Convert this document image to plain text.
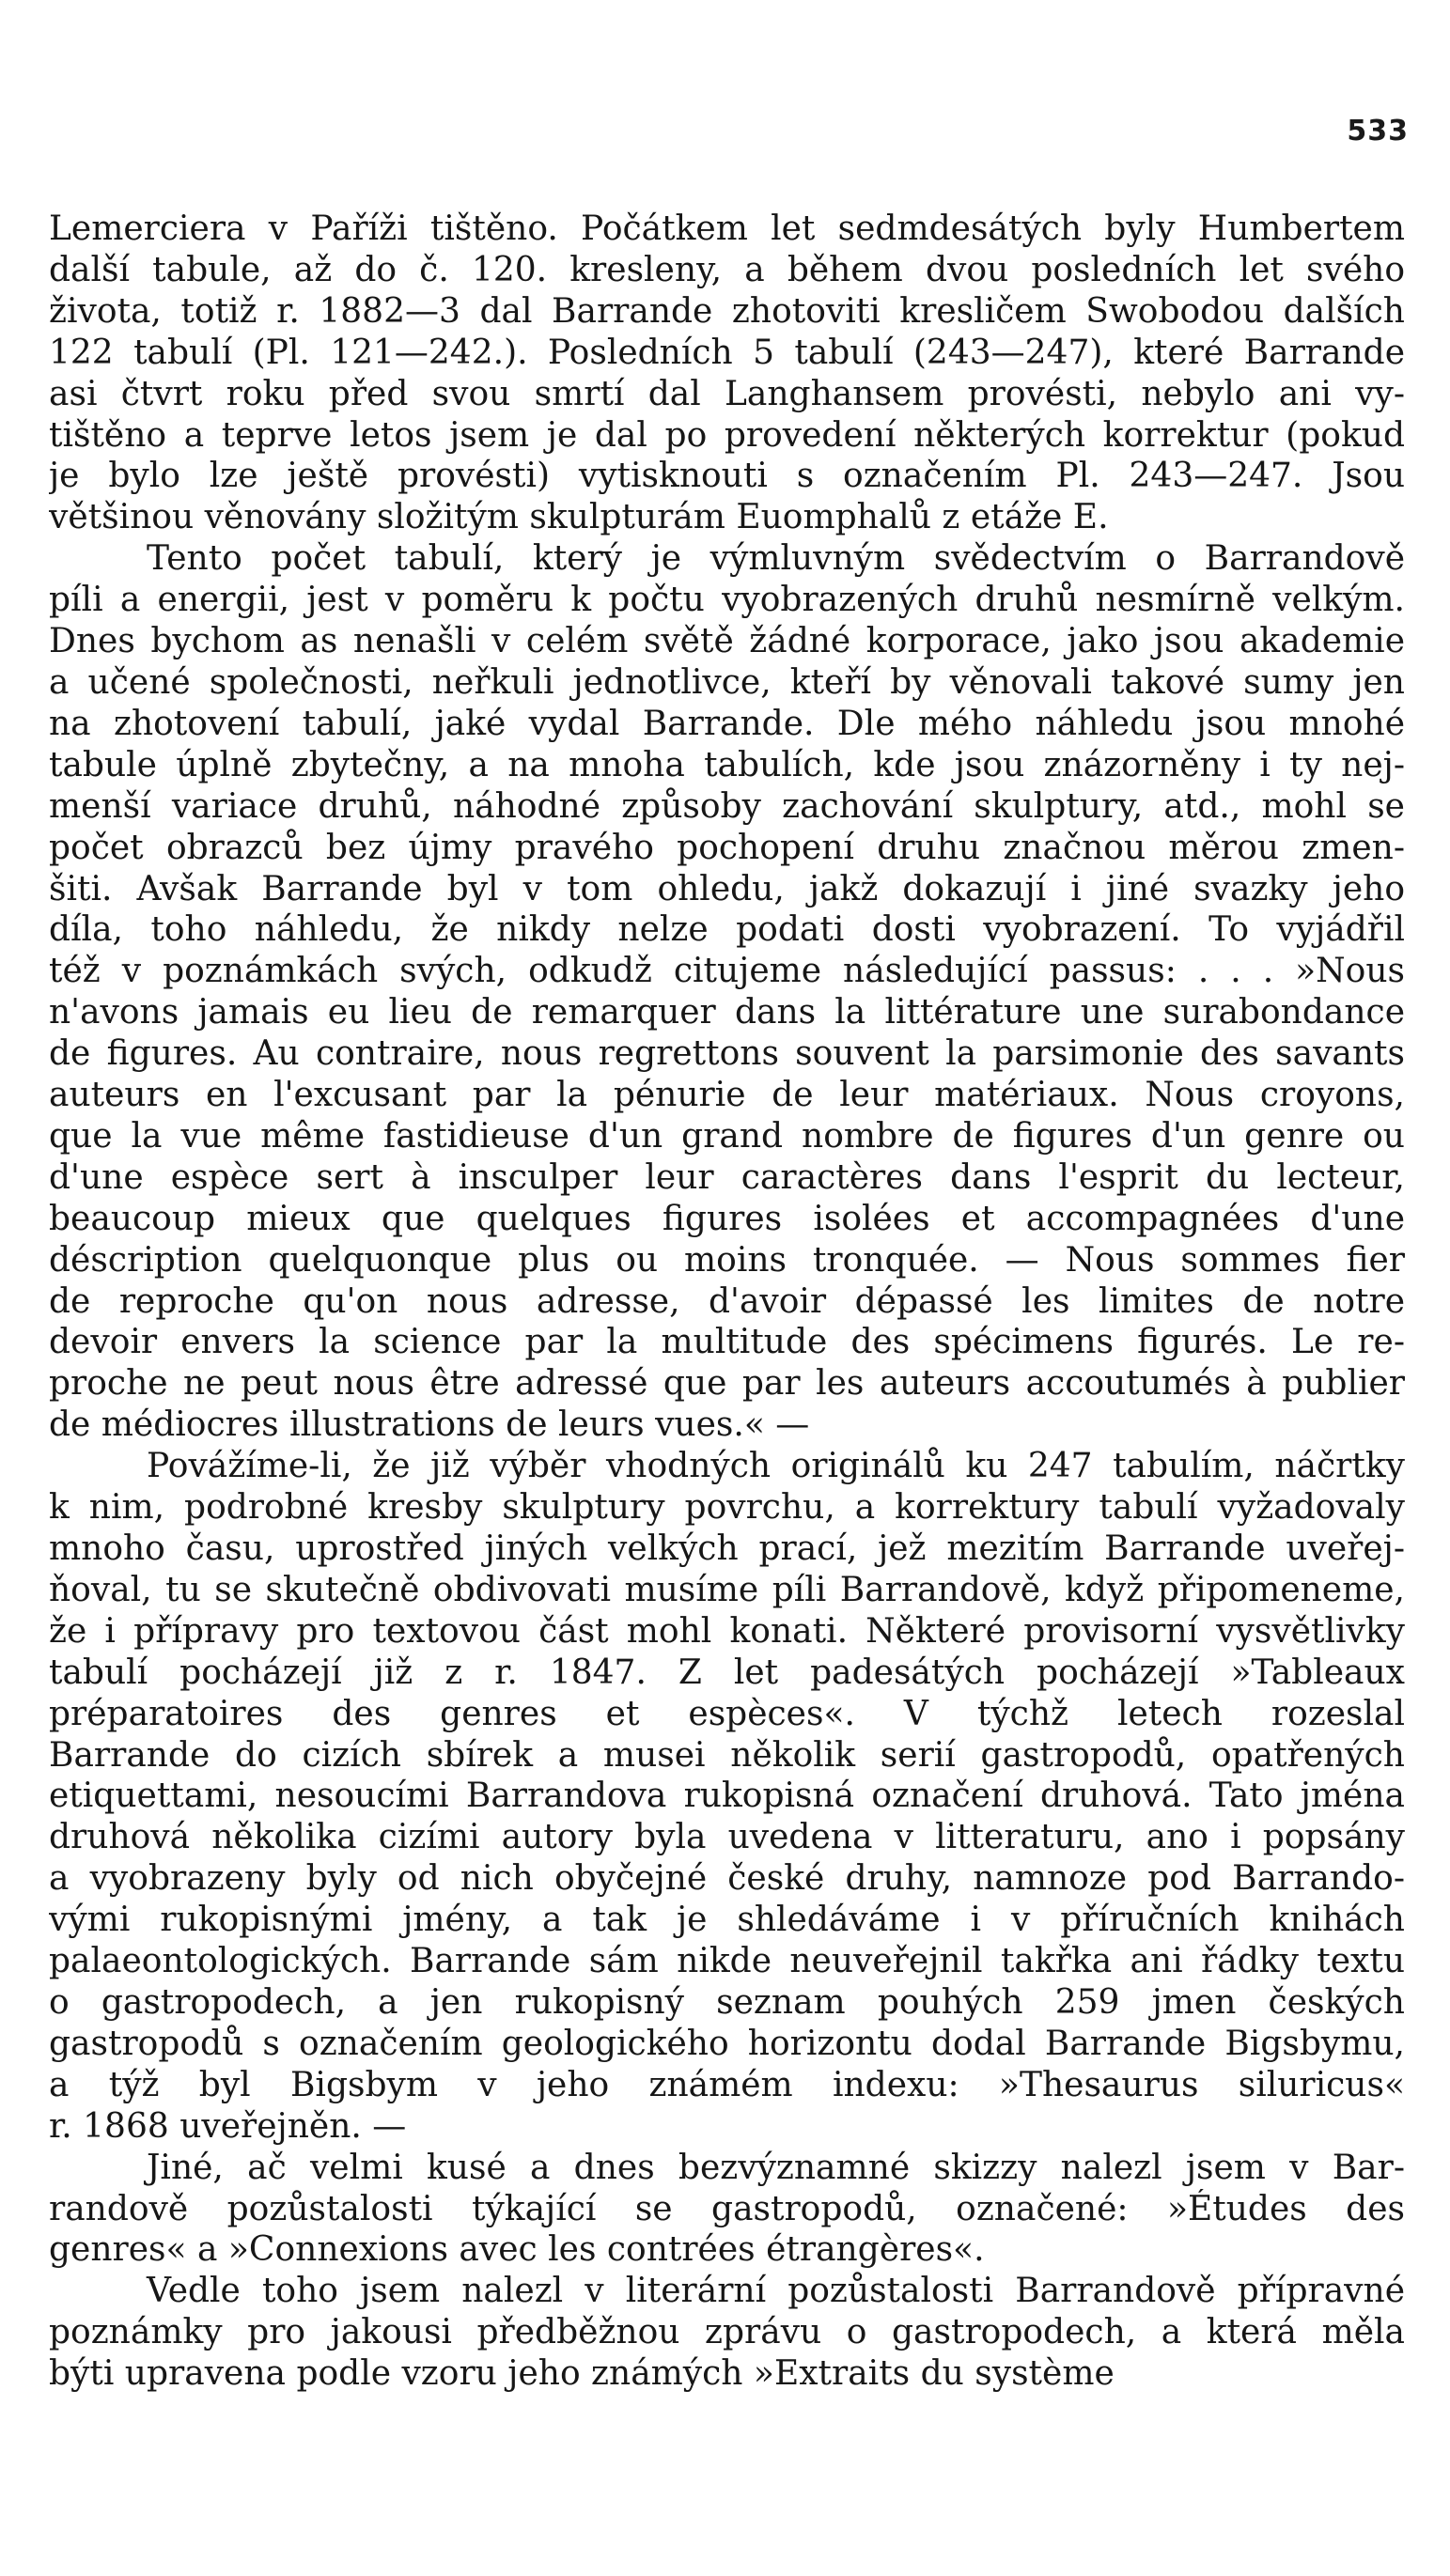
533
Lemerciera v Paříži tištěno. Počátkem let sedmdesátých byly Humbertem
další tabule, až do č. 120. kresleny, a během dvou posledních let svého
života, totiž r. 1882—3 dal Barrande zhotoviti kresličem Swobodou dalších
122 tabulí (Pl. 121—242.). Posledních 5 tabulí (243—247), které Barrande
asi čtvrt roku před svou smrtí dal Langhansem provésti, nebylo ani vy-
tištěno a teprve letos jsem je dal po provedení některých korrektur (pokud
je bylo lze ještě provésti) vytisknouti s označením Pl. 243—247. Jsou
většinou věnovány složitým skulpturám Euomphalů z etáže E.
Tento počet tabulí, který je výmluvným svědectvím o Barrandově
píli a energii, jest v poměru k počtu vyobrazených druhů nesmírně velkým.
Dnes bychom as nenašli v celém světě žádné korporace, jako jsou akademie
a učené společnosti, neřkuli jednotlivce, kteří by věnovali takové sumy jen
na zhotovení tabulí, jaké vydal Barrande. Dle mého náhledu jsou mnohé
tabule úplně zbytečny, a na mnoha tabulích, kde jsou znázorněny i ty nej-
menší variace druhů, náhodné způsoby zachování skulptury, atd., mohl se
počet obrazců bez újmy pravého pochopení druhu značnou měrou zmen-
šiti. Avšak Barrande byl v tom ohledu, jakž dokazují i jiné svazky jeho
díla, toho náhledu, že nikdy nelze podati dosti vyobrazení. To vyjádřil
též v poznámkách svých, odkudž citujeme následující passus: . . . »Nous
n'avons jamais eu lieu de remarquer dans la littérature une surabondance
de figures. Au contraire, nous regrettons souvent la parsimonie des savants
auteurs en l'excusant par la pénurie de leur matériaux. Nous croyons,
que la vue même fastidieuse d'un grand nombre de figures d'un genre ou
d'une espèce sert à insculper leur caractères dans l'esprit du lecteur,
beaucoup mieux que quelques figures isolées et accompagnées d'une
déscription quelquonque plus ou moins tronquée. — Nous sommes fier
de reproche qu'on nous adresse, d'avoir dépassé les limites de notre
devoir envers la science par la multitude des spécimens figurés. Le re-
proche ne peut nous être adressé que par les auteurs accoutumés à publier
de médiocres illustrations de leurs vues.« —
Povážíme-li, že již výběr vhodných originálů ku 247 tabulím, náčrtky
k nim, podrobné kresby skulptury povrchu, a korrektury tabulí vyžadovaly
mnoho času, uprostřed jiných velkých prací, jež mezitím Barrande uveřej-
ňoval, tu se skutečně obdivovati musíme píli Barrandově, když připomeneme,
že i přípravy pro textovou část mohl konati. Některé provisorní vysvětlivky
tabulí pocházejí již z r. 1847. Z let padesátých pocházejí »Tableaux
préparatoires des genres et espèces«. V týchž letech rozeslal
Barrande do cizích sbírek a musei několik serií gastropodů, opatřených
etiquettami, nesoucími Barrandova rukopisná označení druhová. Tato jména
druhová několika cizími autory byla uvedena v litteraturu, ano i popsány
a vyobrazeny byly od nich obyčejné české druhy, namnoze pod Barrando-
vými rukopisnými jmény, a tak je shledáváme i v příručních knihách
palaeontologických. Barrande sám nikde neuveřejnil takřka ani řádky textu
o gastropodech, a jen rukopisný seznam pouhých 259 jmen českých
gastropodů s označením geologického horizontu dodal Barrande Bigsbymu,
a týž byl Bigsbym v jeho známém indexu: »Thesaurus siluricus«
r. 1868 uveřejněn. —
Jiné, ač velmi kusé a dnes bezvýznamné skizzy nalezl jsem v Bar-
randově pozůstalosti týkající se gastropodů, označené: »Études des
genres« a »Connexions avec les contrées étrangères«.
Vedle toho jsem nalezl v literární pozůstalosti Barrandově přípravné
poznámky pro jakousi předběžnou zprávu o gastropodech, a která měla
býti upravena podle vzoru jeho známých »Extraits du système
